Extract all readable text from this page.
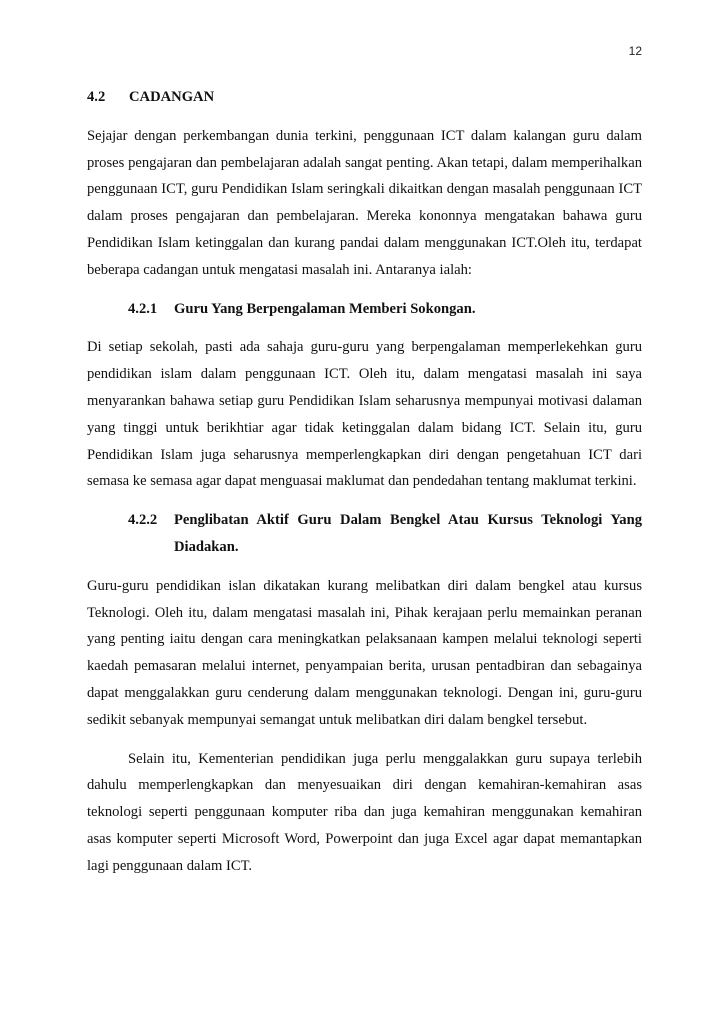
12
4.2	CADANGAN

Sejajar dengan perkembangan dunia terkini, penggunaan ICT dalam kalangan guru dalam proses pengajaran dan pembelajaran adalah sangat penting. Akan tetapi, dalam memperihalkan penggunaan ICT, guru Pendidikan Islam seringkali dikaitkan dengan masalah penggunaan ICT dalam proses pengajaran dan pembelajaran. Mereka kononnya mengatakan bahawa guru Pendidikan Islam ketinggalan dan kurang pandai dalam menggunakan ICT.Oleh itu, terdapat beberapa cadangan untuk mengatasi masalah ini. Antaranya ialah:

4.2.1	Guru Yang Berpengalaman Memberi Sokongan.

Di setiap sekolah, pasti ada sahaja guru-guru yang berpengalaman memperlekehkan guru pendidikan islam dalam penggunaan ICT. Oleh itu, dalam mengatasi masalah ini saya menyarankan bahawa setiap guru Pendidikan Islam seharusnya mempunyai motivasi dalaman yang tinggi untuk berikhtiar agar tidak ketinggalan dalam bidang ICT. Selain itu, guru Pendidikan Islam juga seharusnya memperlengkapkan diri dengan pengetahuan ICT dari semasa ke semasa agar dapat menguasai maklumat dan pendedahan tentang maklumat terkini.

4.2.2	Penglibatan Aktif Guru Dalam Bengkel Atau Kursus Teknologi Yang Diadakan.

Guru-guru pendidikan islan dikatakan kurang melibatkan diri dalam bengkel atau kursus Teknologi. Oleh itu, dalam mengatasi masalah ini, Pihak kerajaan perlu memainkan peranan yang penting iaitu dengan cara meningkatkan pelaksanaan kampen melalui teknologi seperti kaedah pemasaran melalui internet, penyampaian berita, urusan pentadbiran dan sebagainya dapat menggalakkan guru cenderung dalam menggunakan teknologi. Dengan ini, guru-guru sedikit sebanyak mempunyai semangat untuk melibatkan diri dalam bengkel tersebut.

Selain itu, Kementerian pendidikan juga perlu menggalakkan guru supaya terlebih dahulu memperlengkapkan dan menyesuaikan diri dengan kemahiran-kemahiran asas teknologi seperti penggunaan komputer riba dan juga kemahiran menggunakan kemahiran asas komputer seperti Microsoft Word, Powerpoint dan juga Excel agar dapat memantapkan lagi penggunaan dalam ICT.
